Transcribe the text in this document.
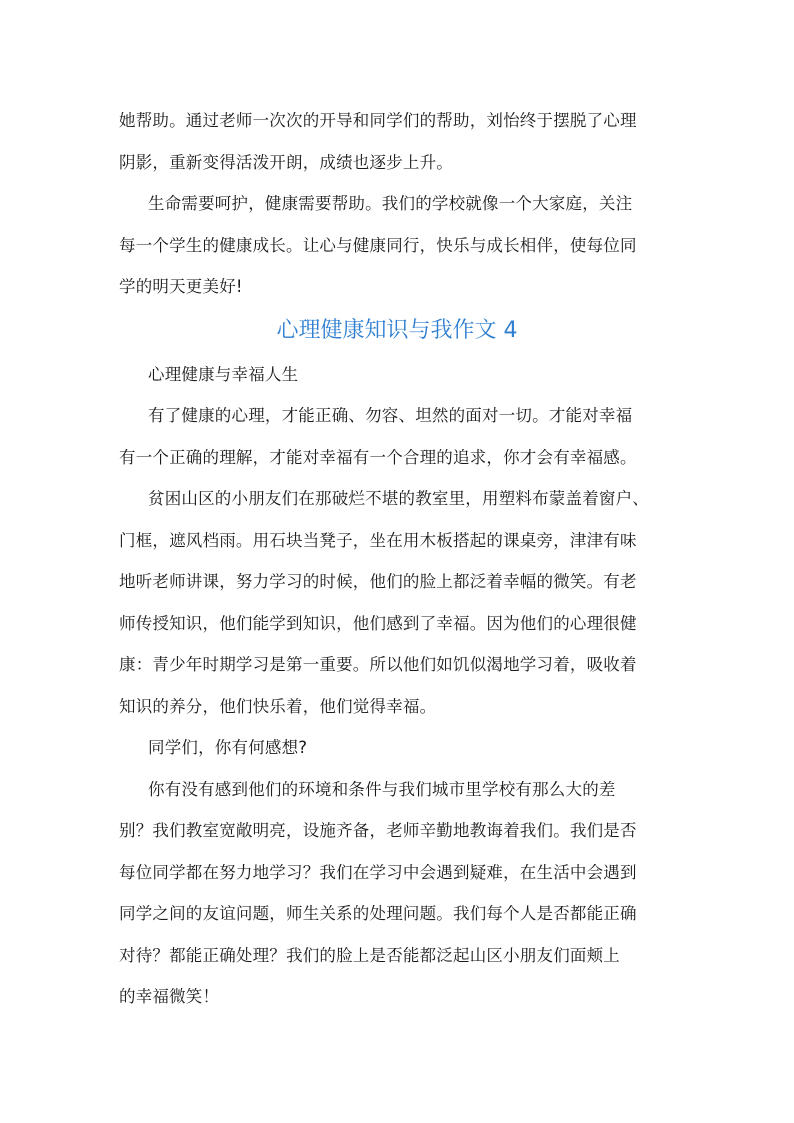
她帮助。通过老师一次次的开导和同学们的帮助，刘怡终于摆脱了心理
阴影，重新变得活泼开朗，成绩也逐步上升。
生命需要呵护，健康需要帮助。我们的学校就像一个大家庭，关注
每一个学生的健康成长。让心与健康同行，快乐与成长相伴，使每位同
学的明天更美好!
心理健康知识与我作文 4
心理健康与幸福人生
有了健康的心理，才能正确、勿容、坦然的面对一切。才能对幸福
有一个正确的理解，才能对幸福有一个合理的追求，你才会有幸福感。
贫困山区的小朋友们在那破烂不堪的教室里，用塑料布蒙盖着窗户、
门框，遮风档雨。用石块当凳子，坐在用木板搭起的课桌旁，津津有味
地听老师讲课，努力学习的时候，他们的脸上都泛着幸幅的微笑。有老
师传授知识，他们能学到知识，他们感到了幸福。因为他们的心理很健
康：青少年时期学习是第一重要。所以他们如饥似渴地学习着，吸收着
知识的养分，他们快乐着，他们觉得幸福。
同学们，你有何感想?
你有没有感到他们的环境和条件与我们城市里学校有那么大的差
别？我们教室宽敞明亮，设施齐备，老师辛勤地教诲着我们。我们是否
每位同学都在努力地学习？我们在学习中会遇到疑难，在生活中会遇到
同学之间的友谊问题，师生关系的处理问题。我们每个人是否都能正确
对待？都能正确处理？我们的脸上是否能都泛起山区小朋友们面颊上
的幸福微笑！
